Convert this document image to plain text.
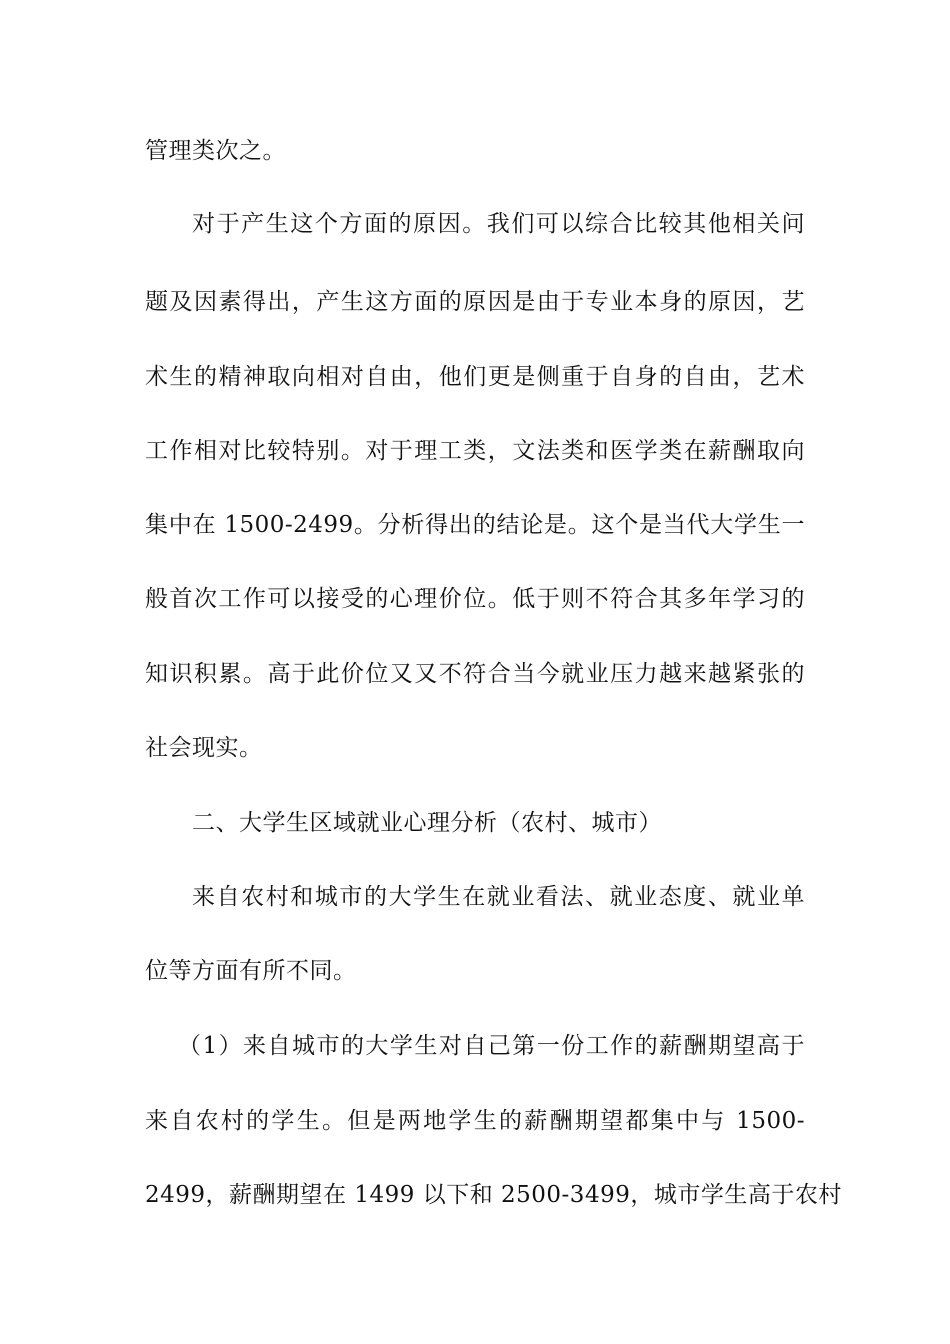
管理类次之。
对于产生这个方面的原因。我们可以综合比较其他相关问
题及因素得出，产生这方面的原因是由于专业本身的原因，艺
术生的精神取向相对自由，他们更是侧重于自身的自由，艺术
工作相对比较特别。对于理工类，文法类和医学类在薪酬取向
集中在 1500-2499。分析得出的结论是。这个是当代大学生一
般首次工作可以接受的心理价位。低于则不符合其多年学习的
知识积累。高于此价位又又不符合当今就业压力越来越紧张的
社会现实。
二、大学生区域就业心理分析（农村、城市）
来自农村和城市的大学生在就业看法、就业态度、就业单
位等方面有所不同。
（1）来自城市的大学生对自己第一份工作的薪酬期望高于
来自农村的学生。但是两地学生的薪酬期望都集中与 1500-
2499，薪酬期望在 1499 以下和 2500-3499，城市学生高于农村
